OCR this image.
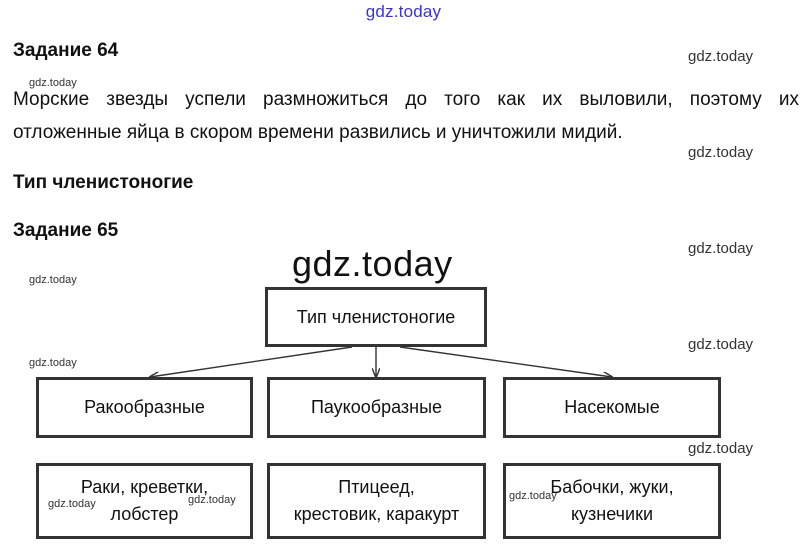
gdz.today
Задание 64	gdz.today
gdz.today
Морские звезды успели размножиться до того как их выловили, поэтому их
отложенные яйца в скором времени развились и уничтожили мидий.
gdz.today
Тип членистоногие
Задание 65
gdz.today
gdz.today
gdz.today
gdz.today
gdz.today
Тип членистоногие
Ракообразные	Паукообразные	Насекомые
Раки, креветки,
лобстер
Птицеед,
крестовик, каракурт
Бабочки, жуки,
кузнечики
gdz.today	gdz.today	gdz.today
gdz.today
